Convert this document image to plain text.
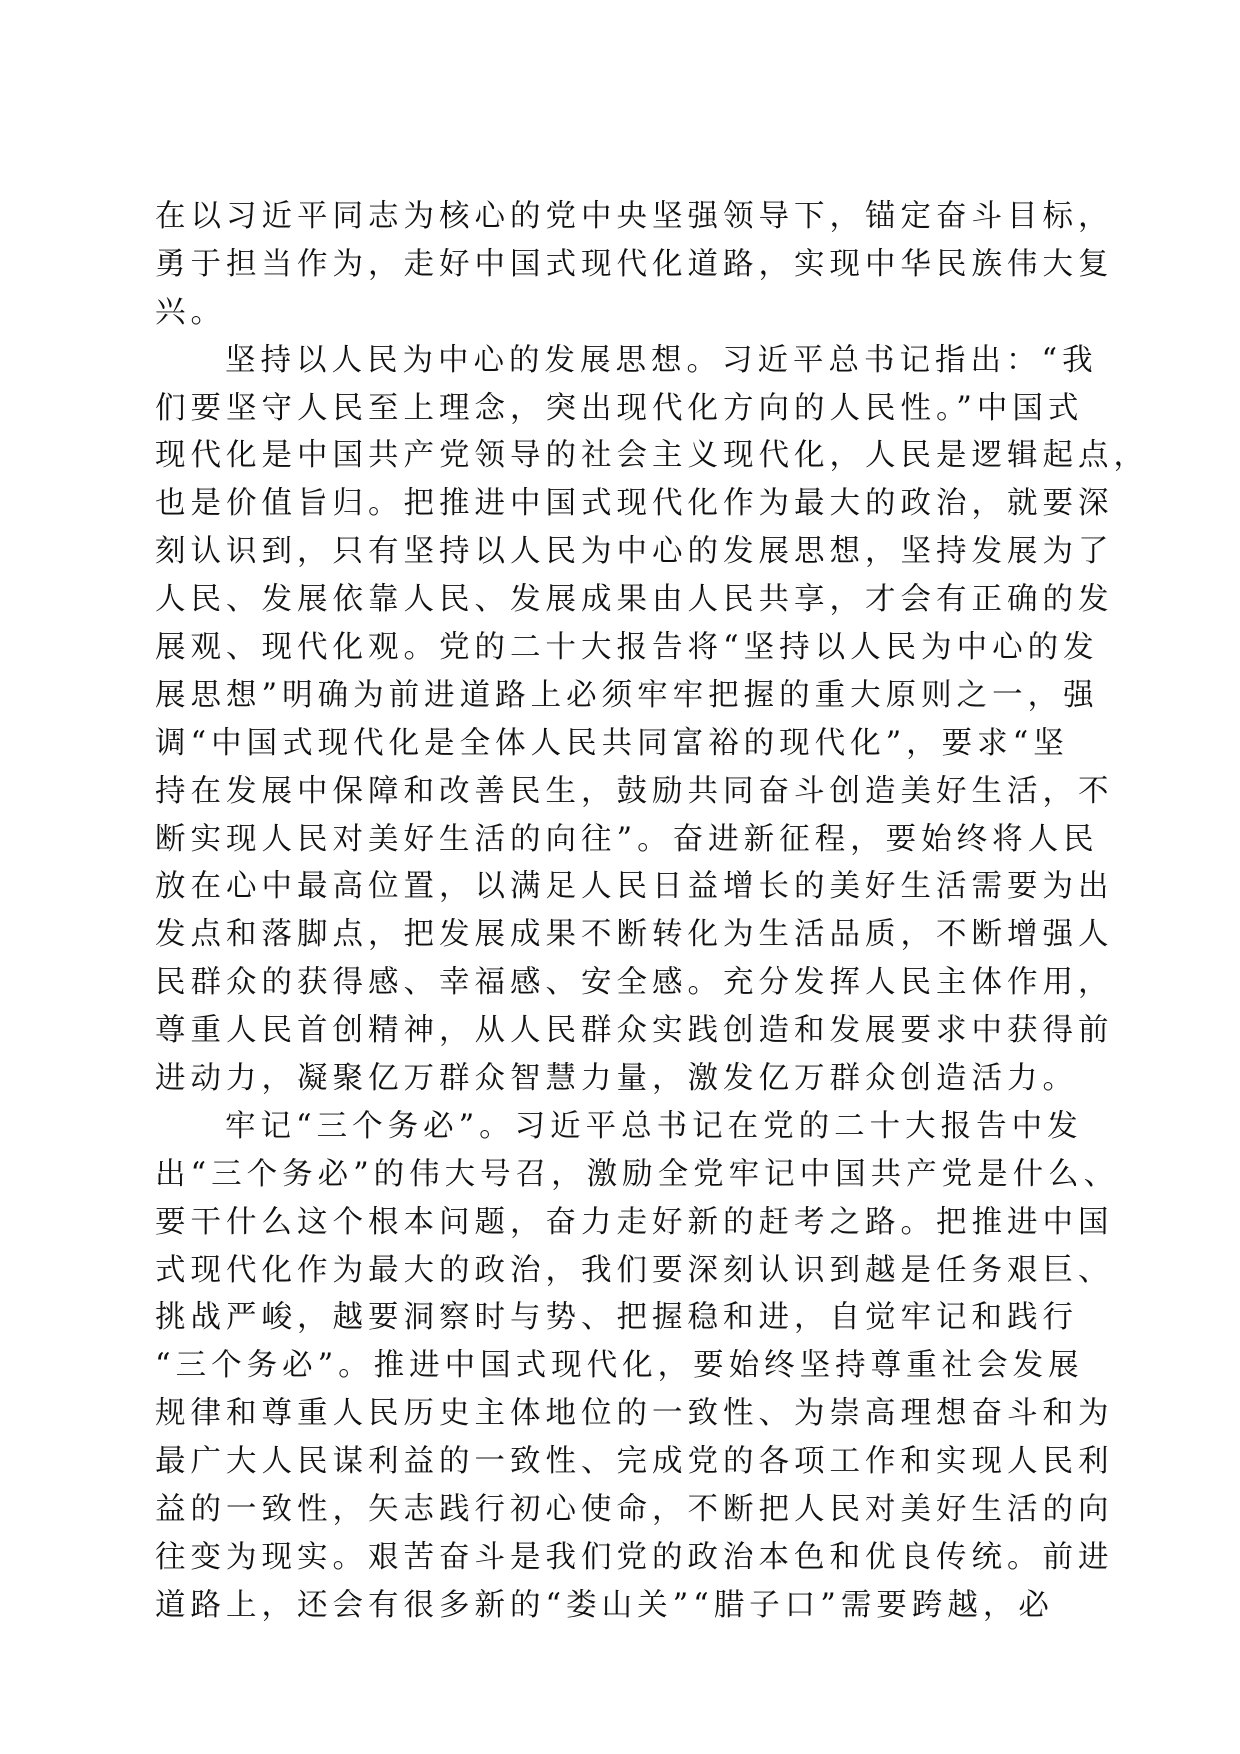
在以习近平同志为核心的党中央坚强领导下，锚定奋斗目标，
勇于担当作为，走好中国式现代化道路，实现中华民族伟大复
兴。
坚持以人民为中心的发展思想。习近平总书记指出：“我
们要坚守人民至上理念，突出现代化方向的人民性。”中国式
现代化是中国共产党领导的社会主义现代化，人民是逻辑起点，
也是价值旨归。把推进中国式现代化作为最大的政治，就要深
刻认识到，只有坚持以人民为中心的发展思想，坚持发展为了
人民、发展依靠人民、发展成果由人民共享，才会有正确的发
展观、现代化观。党的二十大报告将“坚持以人民为中心的发
展思想”明确为前进道路上必须牢牢把握的重大原则之一，强
调“中国式现代化是全体人民共同富裕的现代化”，要求“坚
持在发展中保障和改善民生，鼓励共同奋斗创造美好生活，不
断实现人民对美好生活的向往”。奋进新征程，要始终将人民
放在心中最高位置，以满足人民日益增长的美好生活需要为出
发点和落脚点，把发展成果不断转化为生活品质，不断增强人
民群众的获得感、幸福感、安全感。充分发挥人民主体作用，
尊重人民首创精神，从人民群众实践创造和发展要求中获得前
进动力，凝聚亿万群众智慧力量，激发亿万群众创造活力。
牢记“三个务必”。习近平总书记在党的二十大报告中发
出“三个务必”的伟大号召，激励全党牢记中国共产党是什么、
要干什么这个根本问题，奋力走好新的赶考之路。把推进中国
式现代化作为最大的政治，我们要深刻认识到越是任务艰巨、
挑战严峻，越要洞察时与势、把握稳和进，自觉牢记和践行
“三个务必”。推进中国式现代化，要始终坚持尊重社会发展
规律和尊重人民历史主体地位的一致性、为崇高理想奋斗和为
最广大人民谋利益的一致性、完成党的各项工作和实现人民利
益的一致性，矢志践行初心使命，不断把人民对美好生活的向
往变为现实。艰苦奋斗是我们党的政治本色和优良传统。前进
道路上，还会有很多新的“娄山关”“腊子口”需要跨越，必
